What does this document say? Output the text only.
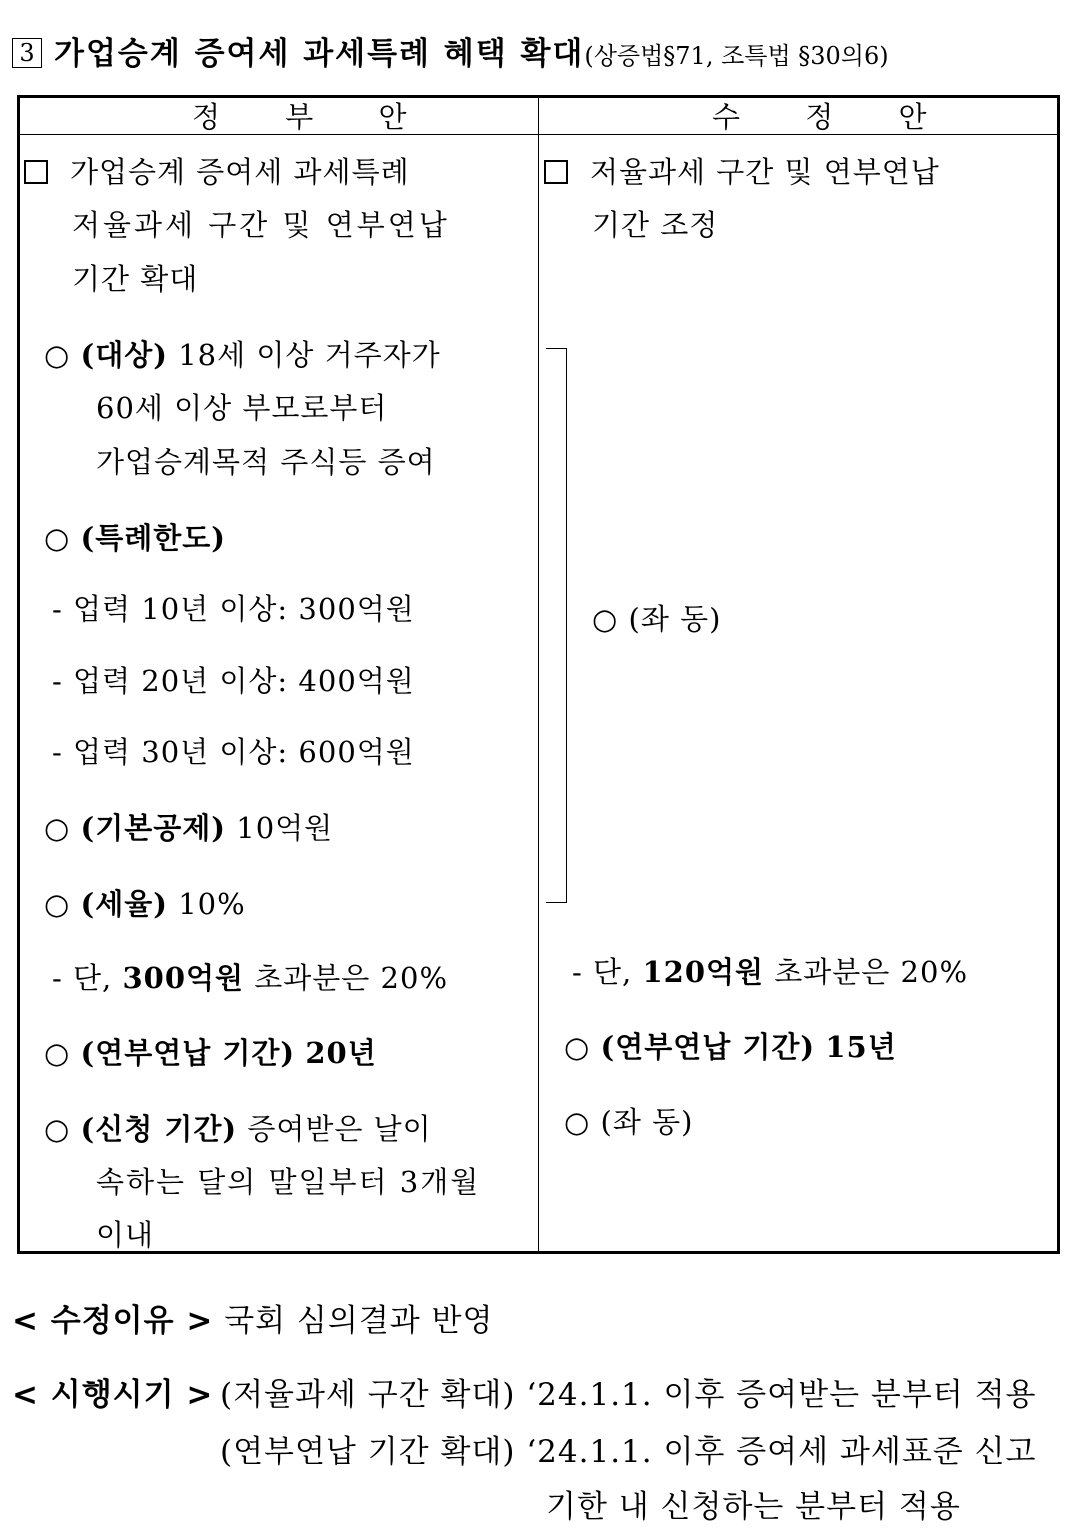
3 가업승계 증여세 과세특례 혜택 확대(상증법§71, 조특법 §30의6)
정 부 안	수 정 안
가업승계 증여세 과세특례
저율과세 구간 및 연부연납
기간 확대
○ (대상) 18세 이상 거주자가
60세 이상 부모로부터
가업승계목적 주식등 증여
○ (특례한도)
- 업력 10년 이상: 300억원
- 업력 20년 이상: 400억원
- 업력 30년 이상: 600억원
○ (기본공제) 10억원
○ (세율) 10%
- 단, 300억원 초과분은 20%
○ (연부연납 기간) 20년
○ (신청 기간) 증여받은 날이
속하는 달의 말일부터 3개월
이내
저율과세 구간 및 연부연납
기간 조정
○ (좌 동)
- 단, 120억원 초과분은 20%
○ (연부연납 기간) 15년
○ (좌 동)
< 수정이유 > 국회 심의결과 반영
< 시행시기 > (저율과세 구간 확대) ‘24.1.1. 이후 증여받는 분부터 적용
(연부연납 기간 확대) ‘24.1.1. 이후 증여세 과세표준 신고
기한 내 신청하는 분부터 적용
